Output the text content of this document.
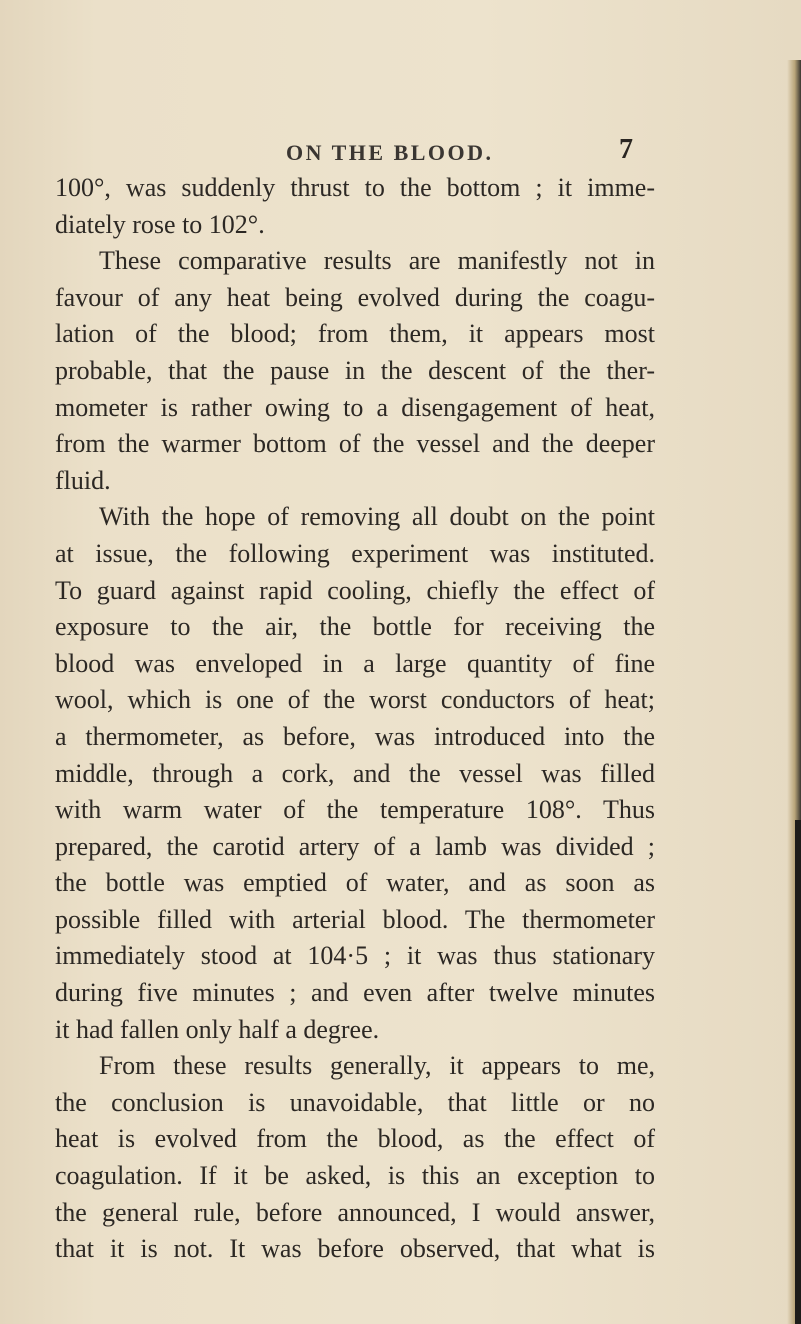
ON THE BLOOD.	7
100°, was suddenly thrust to the bottom ; it imme-
diately rose to 102°.
These comparative results are manifestly not in
favour of any heat being evolved during the coagu-
lation of the blood; from them, it appears most
probable, that the pause in the descent of the ther-
mometer is rather owing to a disengagement of heat,
from the warmer bottom of the vessel and the deeper
fluid.
With the hope of removing all doubt on the point
at issue, the following experiment was instituted.
To guard against rapid cooling, chiefly the effect of
exposure to the air, the bottle for receiving the
blood was enveloped in a large quantity of fine
wool, which is one of the worst conductors of heat;
a thermometer, as before, was introduced into the
middle, through a cork, and the vessel was filled
with warm water of the temperature 108°. Thus
prepared, the carotid artery of a lamb was divided ;
the bottle was emptied of water, and as soon as
possible filled with arterial blood. The thermometer
immediately stood at 104·5 ; it was thus stationary
during five minutes ; and even after twelve minutes
it had fallen only half a degree.
From these results generally, it appears to me,
the conclusion is unavoidable, that little or no
heat is evolved from the blood, as the effect of
coagulation. If it be asked, is this an exception to
the general rule, before announced, I would answer,
that it is not. It was before observed, that what is
